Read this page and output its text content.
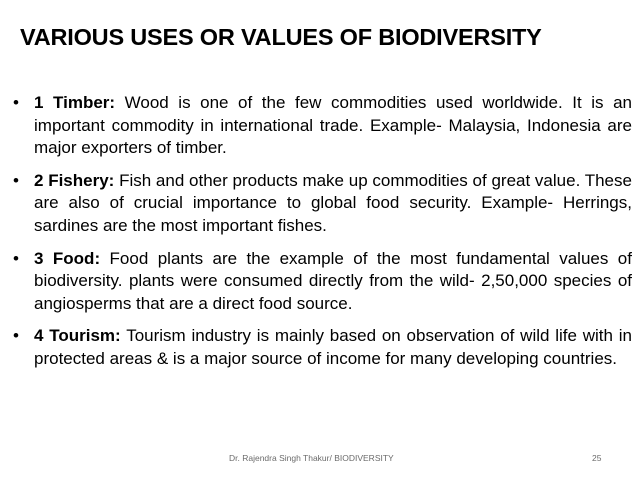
VARIOUS USES OR VALUES OF BIODIVERSITY
• 1 Timber: Wood is one of the few commodities used worldwide. It is an important commodity in international trade. Example- Malaysia, Indonesia are major exporters of timber.
• 2 Fishery: Fish and other products make up commodities of great value. These are also of crucial importance to global food security. Example- Herrings, sardines are the most important fishes.
• 3 Food: Food plants are the example of the most fundamental values of biodiversity. plants were consumed directly from the wild- 2,50,000 species of angiosperms that are a direct food source.
• 4 Tourism: Tourism industry is mainly based on observation of wild life with in protected areas & is a major source of income for many developing countries.
Dr. Rajendra Singh Thakur/ BIODIVERSITY	25
